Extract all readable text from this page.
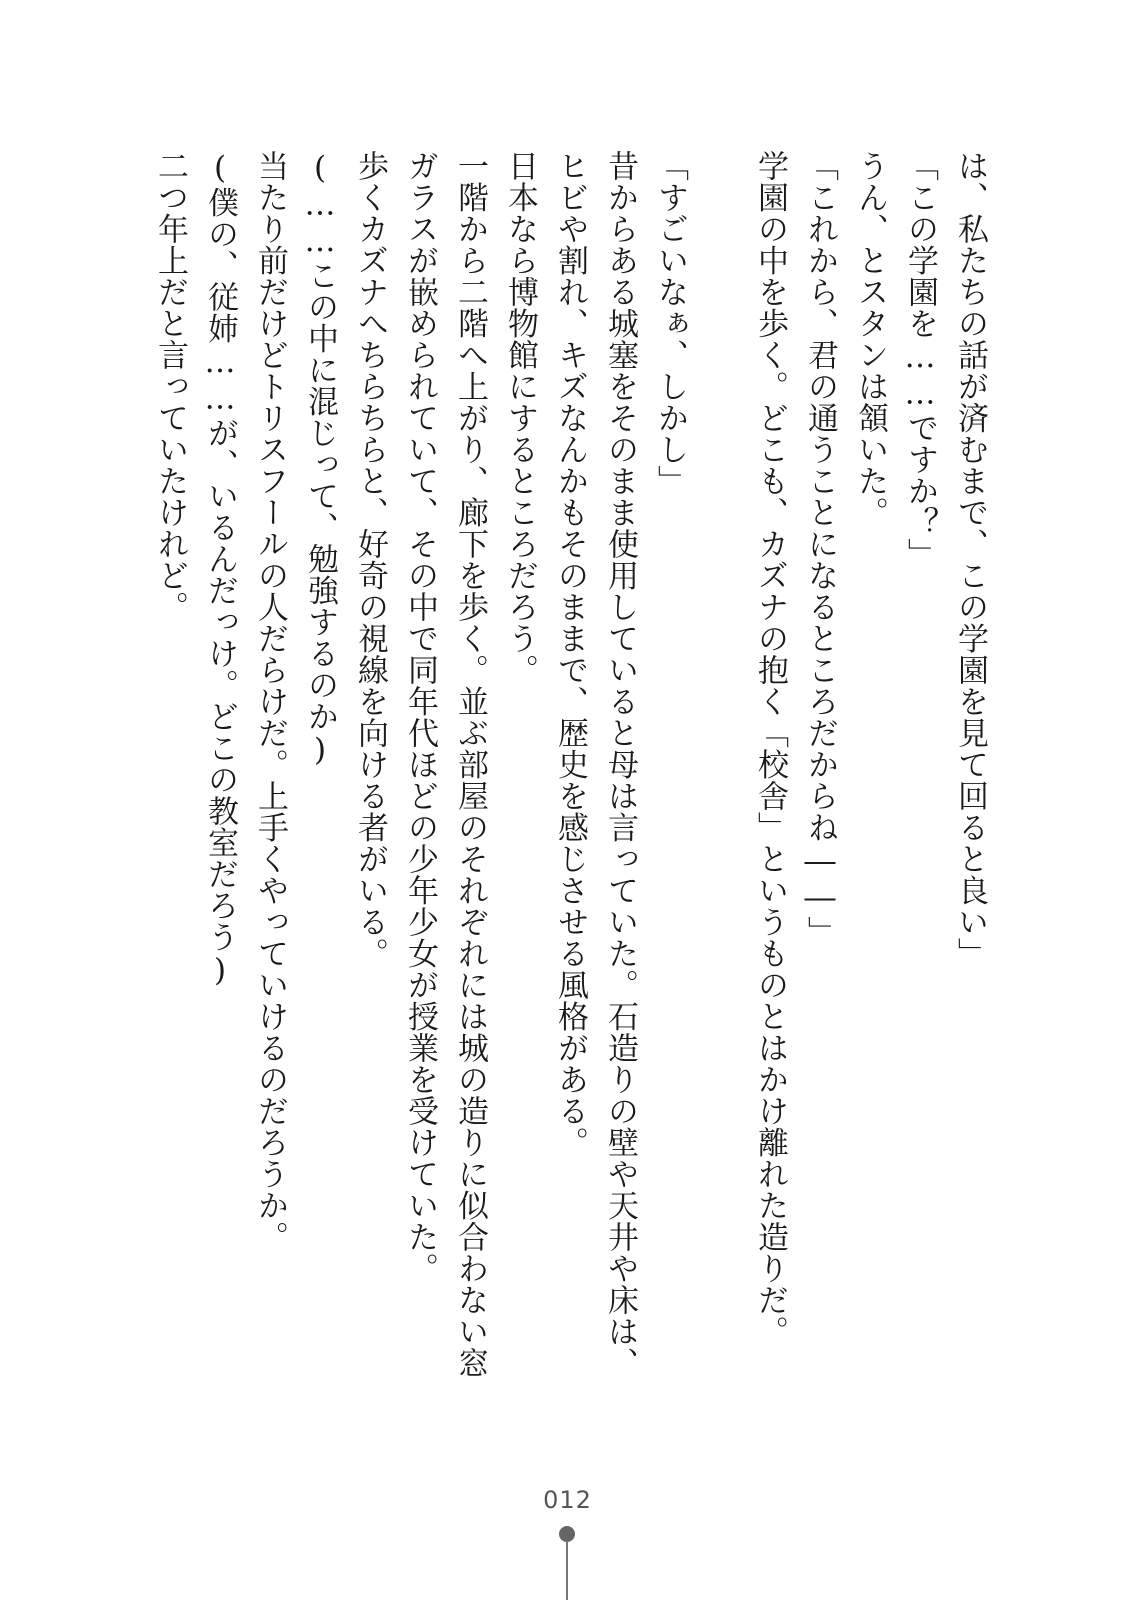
は、私たちの話が済むまで、この学園を見て回ると良い」

「この学園を……ですか？」

うん、とスタンは頷いた。

「これから、君の通うことになるところだからね――」

学園の中を歩く。どこも、カズナの抱く「校舎」というものとはかけ離れた造りだ。

「すごいなぁ、しかし」

昔からある城塞をそのまま使用していると母は言っていた。石造りの壁や天井や床は、

ヒビや割れ、キズなんかもそのままで、歴史を感じさせる風格がある。

日本なら博物館にするところだろう。

一階から二階へ上がり、廊下を歩く。並ぶ部屋のそれぞれには城の造りに似合わない窓

ガラスが嵌められていて、その中で同年代ほどの少年少女が授業を受けていた。

歩くカズナへちらちらと、好奇の視線を向ける者がいる。

(……この中に混じって、勉強するのか)

当たり前だけどトリスフールの人だらけだ。上手くやっていけるのだろうか。

(僕の、従姉……が、いるんだっけ。どこの教室だろう)

二つ年上だと言っていたけれど。

012
